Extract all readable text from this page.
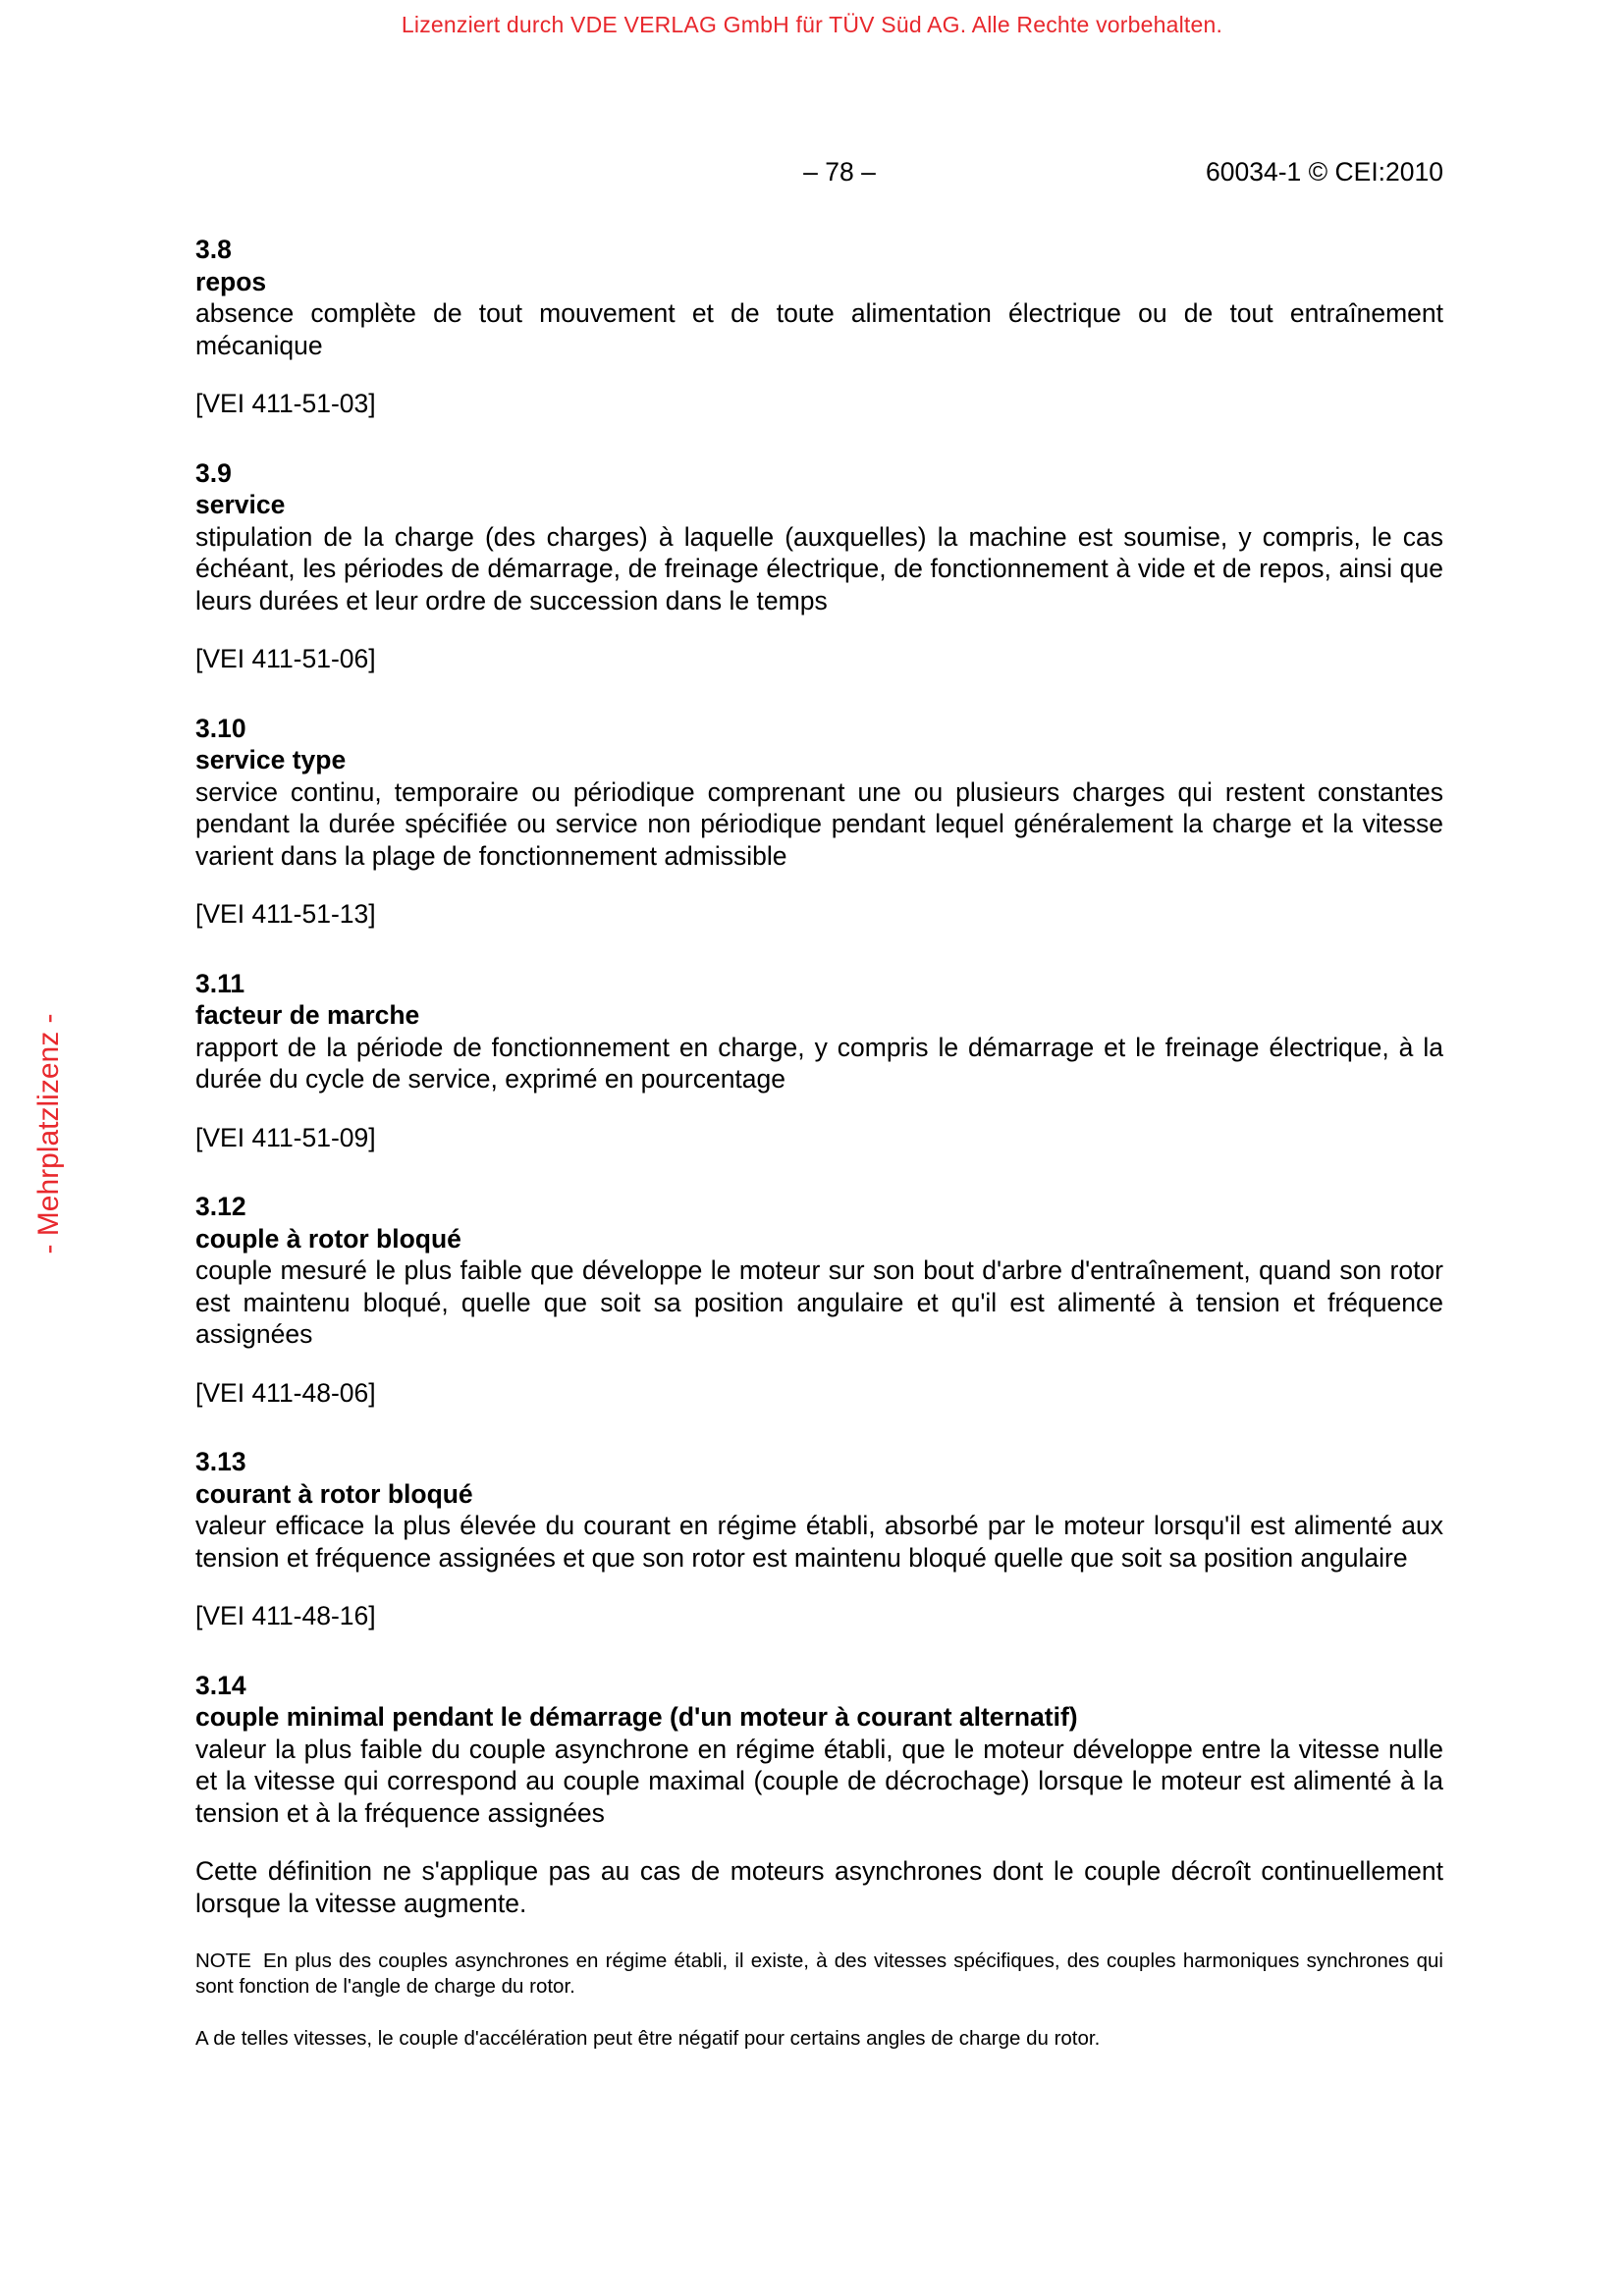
Lizenziert durch VDE VERLAG GmbH für TÜV Süd AG. Alle Rechte vorbehalten.
- Mehrplatzlizenz -
– 78 –	60034-1 © CEI:2010
3.8
repos

absence complète de tout mouvement et de toute alimentation électrique ou de tout entraînement mécanique

[VEI 411-51-03]

3.9
service

stipulation de la charge (des charges) à laquelle (auxquelles) la machine est soumise, y compris, le cas échéant, les périodes de démarrage, de freinage électrique, de fonctionnement à vide et de repos, ainsi que leurs durées et leur ordre de succession dans le temps

[VEI 411-51-06]

3.10
service type

service continu, temporaire ou périodique comprenant une ou plusieurs charges qui restent constantes pendant la durée spécifiée ou service non périodique pendant lequel généralement la charge et la vitesse varient dans la plage de fonctionnement admissible

[VEI 411-51-13]

3.11
facteur de marche

rapport de la période de fonctionnement en charge, y compris le démarrage et le freinage électrique, à la durée du cycle de service, exprimé en pourcentage

[VEI 411-51-09]

3.12
couple à rotor bloqué

couple mesuré le plus faible que développe le moteur sur son bout d'arbre d'entraînement, quand son rotor est maintenu bloqué, quelle que soit sa position angulaire et qu'il est alimenté à tension et fréquence assignées

[VEI 411-48-06]

3.13
courant à rotor bloqué

valeur efficace la plus élevée du courant en régime établi, absorbé par le moteur lorsqu'il est alimenté aux tension et fréquence assignées et que son rotor est maintenu bloqué quelle que soit sa position angulaire

[VEI 411-48-16]

3.14
couple minimal pendant le démarrage (d'un moteur à courant alternatif)

valeur la plus faible du couple asynchrone en régime établi, que le moteur développe entre la vitesse nulle et la vitesse qui correspond au couple maximal (couple de décrochage) lorsque le moteur est alimenté à la tension et à la fréquence assignées

Cette définition ne s'applique pas au cas de moteurs asynchrones dont le couple décroît continuellement lorsque la vitesse augmente.

NOTE En plus des couples asynchrones en régime établi, il existe, à des vitesses spécifiques, des couples harmoniques synchrones qui sont fonction de l'angle de charge du rotor.

A de telles vitesses, le couple d'accélération peut être négatif pour certains angles de charge du rotor.
